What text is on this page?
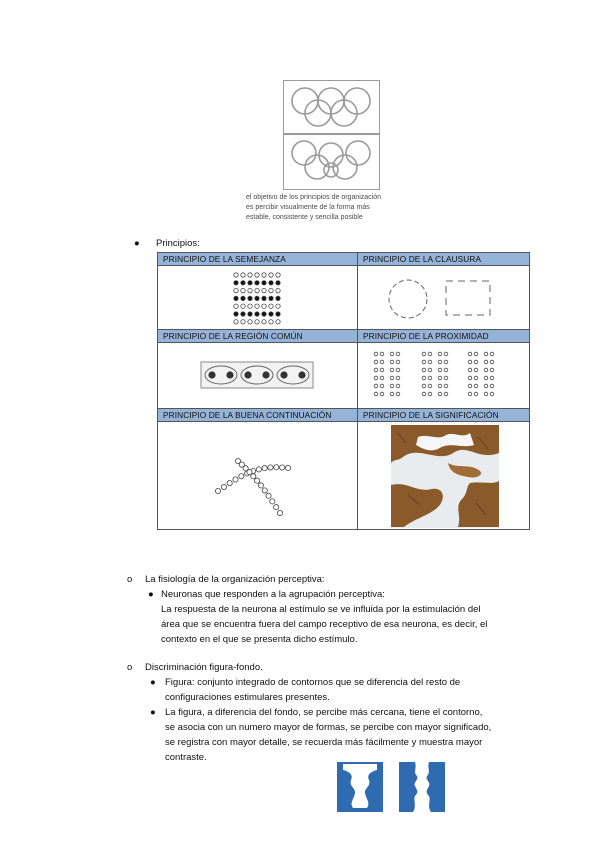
el objetivo de los principios de organización
es percibir visualmente de la forma más
estable, consistente y sencilla posible
● Principios:
PRINCIPIO DE LA SEMEJANZA	PRINCIPIO DE LA CLAUSURA

PRINCIPIO DE LA REGIÓN COMÚN	PRINCIPIO DE LA PROXIMIDAD

PRINCIPIO DE LA BUENA CONTINUACIÓN	PRINCIPIO DE LA SIGNIFICACIÓN

o La fisiología de la organización perceptiva:
● Neuronas que responden a la agrupación perceptiva:
La respuesta de la neurona al estímulo se ve influida por la estimulación del
área que se encuentra fuera del campo receptivo de esa neurona, es decir, el
contexto en el que se presenta dicho estímulo.
o Discriminación figura-fondo.
● Figura: conjunto integrado de contornos que se diferencia del resto de
configuraciones estimulares presentes.
● La figura, a diferencia del fondo, se percibe más cercana, tiene el contorno,
se asocia con un numero mayor de formas, se percibe con mayor significado,
se registra con mayor detalle, se recuerda más fácilmente y muestra mayor
contraste.
